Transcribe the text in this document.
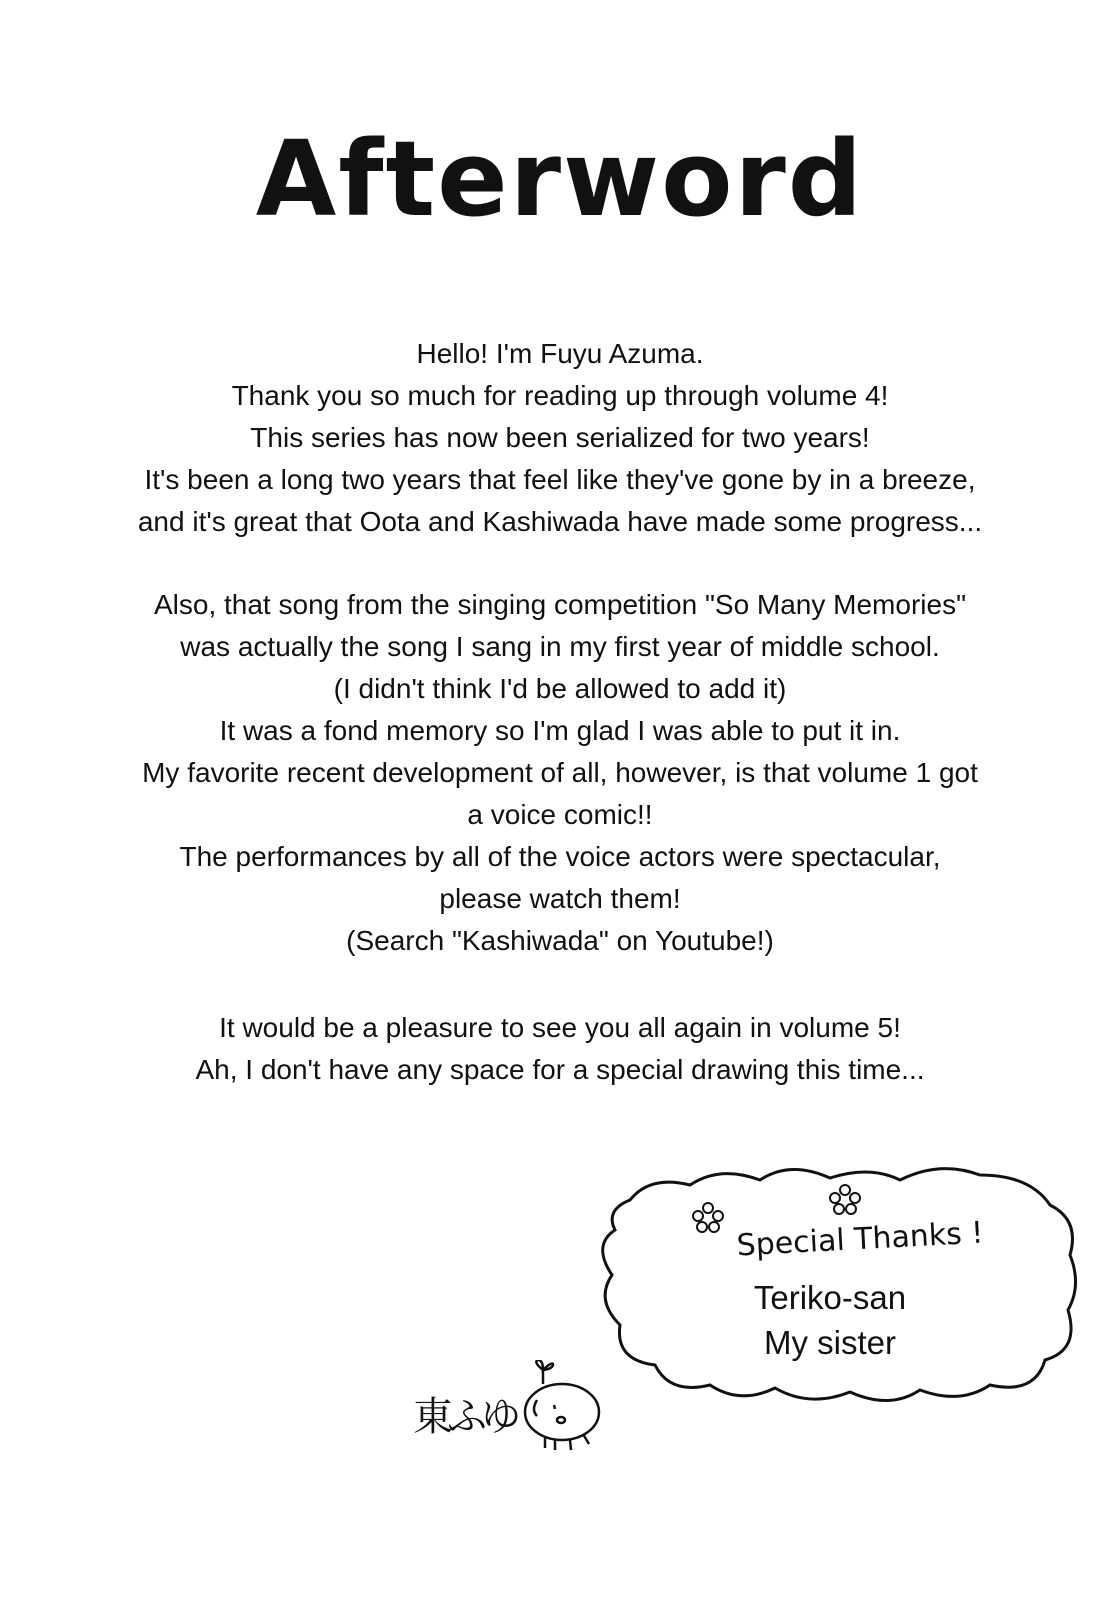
Afterword
Hello! I'm Fuyu Azuma.
Thank you so much for reading up through volume 4!
This series has now been serialized for two years!
It's been a long two years that feel like they've gone by in a breeze,
and it's great that Oota and Kashiwada have made some progress...
Also, that song from the singing competition "So Many Memories"
was actually the song I sang in my first year of middle school.
(I didn't think I'd be allowed to add it)
It was a fond memory so I'm glad I was able to put it in.
My favorite recent development of all, however, is that volume 1 got
a voice comic!!
The performances by all of the voice actors were spectacular,
please watch them!
(Search "Kashiwada" on Youtube!)
It would be a pleasure to see you all again in volume 5!
Ah, I don't have any space for a special drawing this time...
Special Thanks !
Teriko-san
My sister
東ふゆ
